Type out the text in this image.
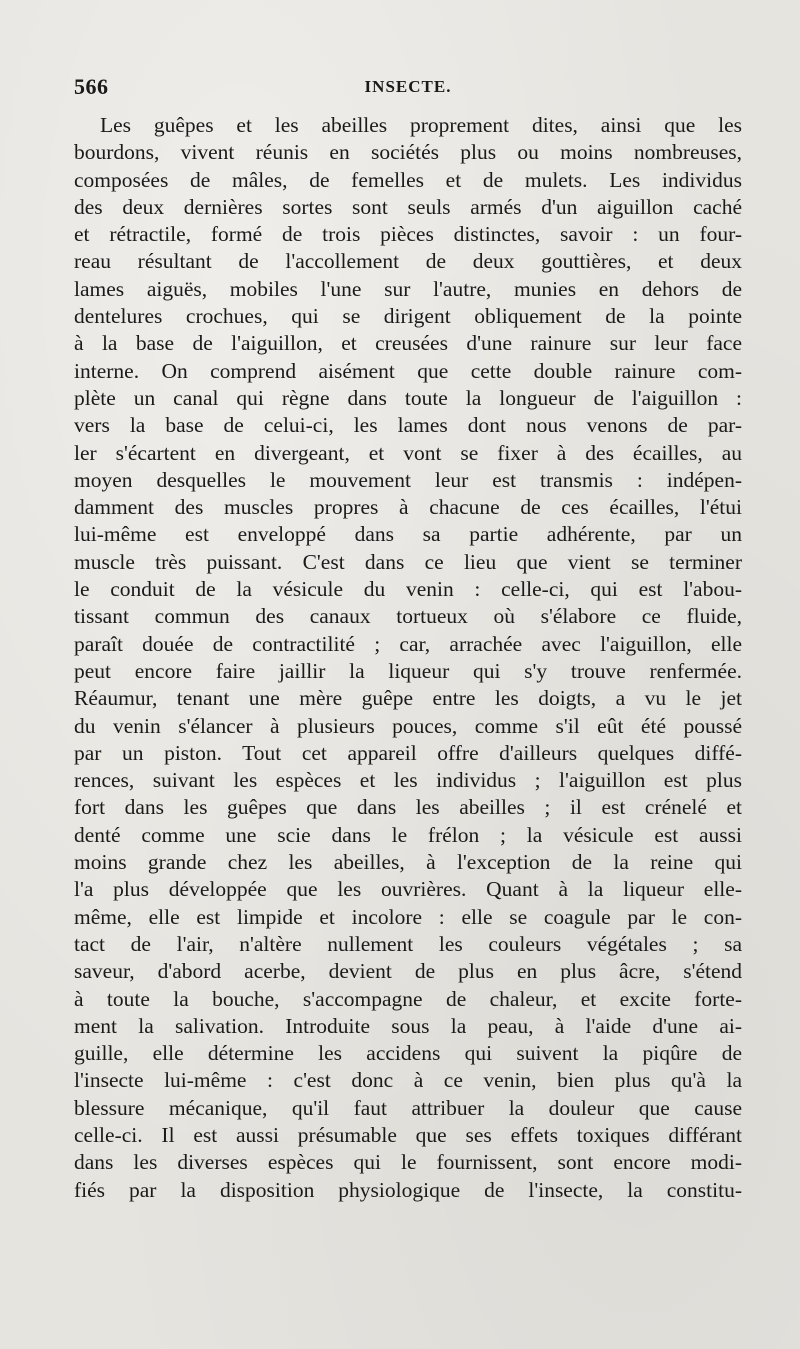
566	INSECTE.
Les guêpes et les abeilles proprement dites, ainsi que les
bourdons, vivent réunis en sociétés plus ou moins nombreuses,
composées de mâles, de femelles et de mulets. Les individus
des deux dernières sortes sont seuls armés d'un aiguillon caché
et rétractile, formé de trois pièces distinctes, savoir : un four-
reau résultant de l'accollement de deux gouttières, et deux
lames aiguës, mobiles l'une sur l'autre, munies en dehors de
dentelures crochues, qui se dirigent obliquement de la pointe
à la base de l'aiguillon, et creusées d'une rainure sur leur face
interne. On comprend aisément que cette double rainure com-
plète un canal qui règne dans toute la longueur de l'aiguillon :
vers la base de celui-ci, les lames dont nous venons de par-
ler s'écartent en divergeant, et vont se fixer à des écailles, au
moyen desquelles le mouvement leur est transmis : indépen-
damment des muscles propres à chacune de ces écailles, l'étui
lui-même est enveloppé dans sa partie adhérente, par un
muscle très puissant. C'est dans ce lieu que vient se terminer
le conduit de la vésicule du venin : celle-ci, qui est l'abou-
tissant commun des canaux tortueux où s'élabore ce fluide,
paraît douée de contractilité ; car, arrachée avec l'aiguillon, elle
peut encore faire jaillir la liqueur qui s'y trouve renfermée.
Réaumur, tenant une mère guêpe entre les doigts, a vu le jet
du venin s'élancer à plusieurs pouces, comme s'il eût été poussé
par un piston. Tout cet appareil offre d'ailleurs quelques diffé-
rences, suivant les espèces et les individus ; l'aiguillon est plus
fort dans les guêpes que dans les abeilles ; il est crénelé et
denté comme une scie dans le frélon ; la vésicule est aussi
moins grande chez les abeilles, à l'exception de la reine qui
l'a plus développée que les ouvrières. Quant à la liqueur elle-
même, elle est limpide et incolore : elle se coagule par le con-
tact de l'air, n'altère nullement les couleurs végétales ; sa
saveur, d'abord acerbe, devient de plus en plus âcre, s'étend
à toute la bouche, s'accompagne de chaleur, et excite forte-
ment la salivation. Introduite sous la peau, à l'aide d'une ai-
guille, elle détermine les accidens qui suivent la piqûre de
l'insecte lui-même : c'est donc à ce venin, bien plus qu'à la
blessure mécanique, qu'il faut attribuer la douleur que cause
celle-ci. Il est aussi présumable que ses effets toxiques différant
dans les diverses espèces qui le fournissent, sont encore modi-
fiés par la disposition physiologique de l'insecte, la constitu-
